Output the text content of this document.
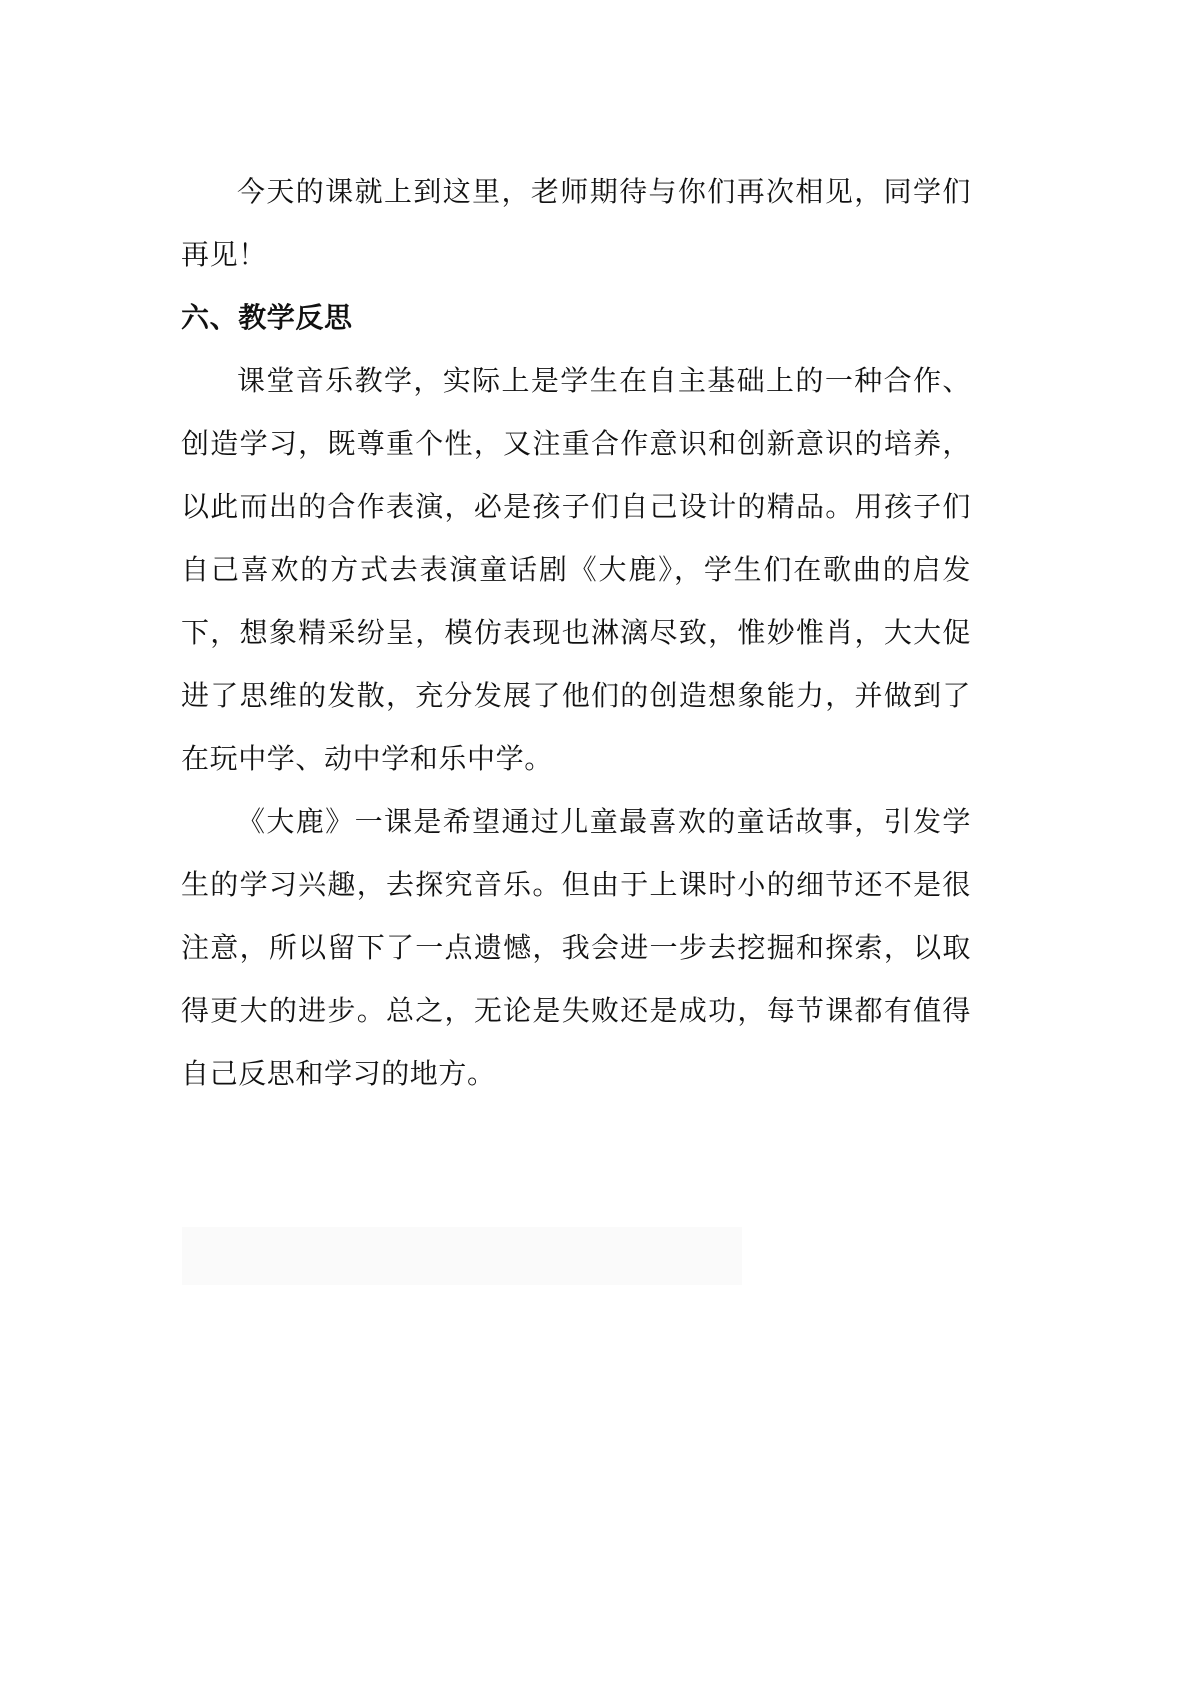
今天的课就上到这里，老师期待与你们再次相见，同学们再见！

六、教学反思

课堂音乐教学，实际上是学生在自主基础上的一种合作、创造学习，既尊重个性，又注重合作意识和创新意识的培养，以此而出的合作表演，必是孩子们自己设计的精品。用孩子们自己喜欢的方式去表演童话剧《大鹿》，学生们在歌曲的启发下，想象精采纷呈，模仿表现也淋漓尽致，惟妙惟肖，大大促进了思维的发散，充分发展了他们的创造想象能力，并做到了在玩中学、动中学和乐中学。

《大鹿》一课是希望通过儿童最喜欢的童话故事，引发学生的学习兴趣，去探究音乐。但由于上课时小的细节还不是很注意，所以留下了一点遗憾，我会进一步去挖掘和探索，以取得更大的进步。总之，无论是失败还是成功，每节课都有值得自己反思和学习的地方。
